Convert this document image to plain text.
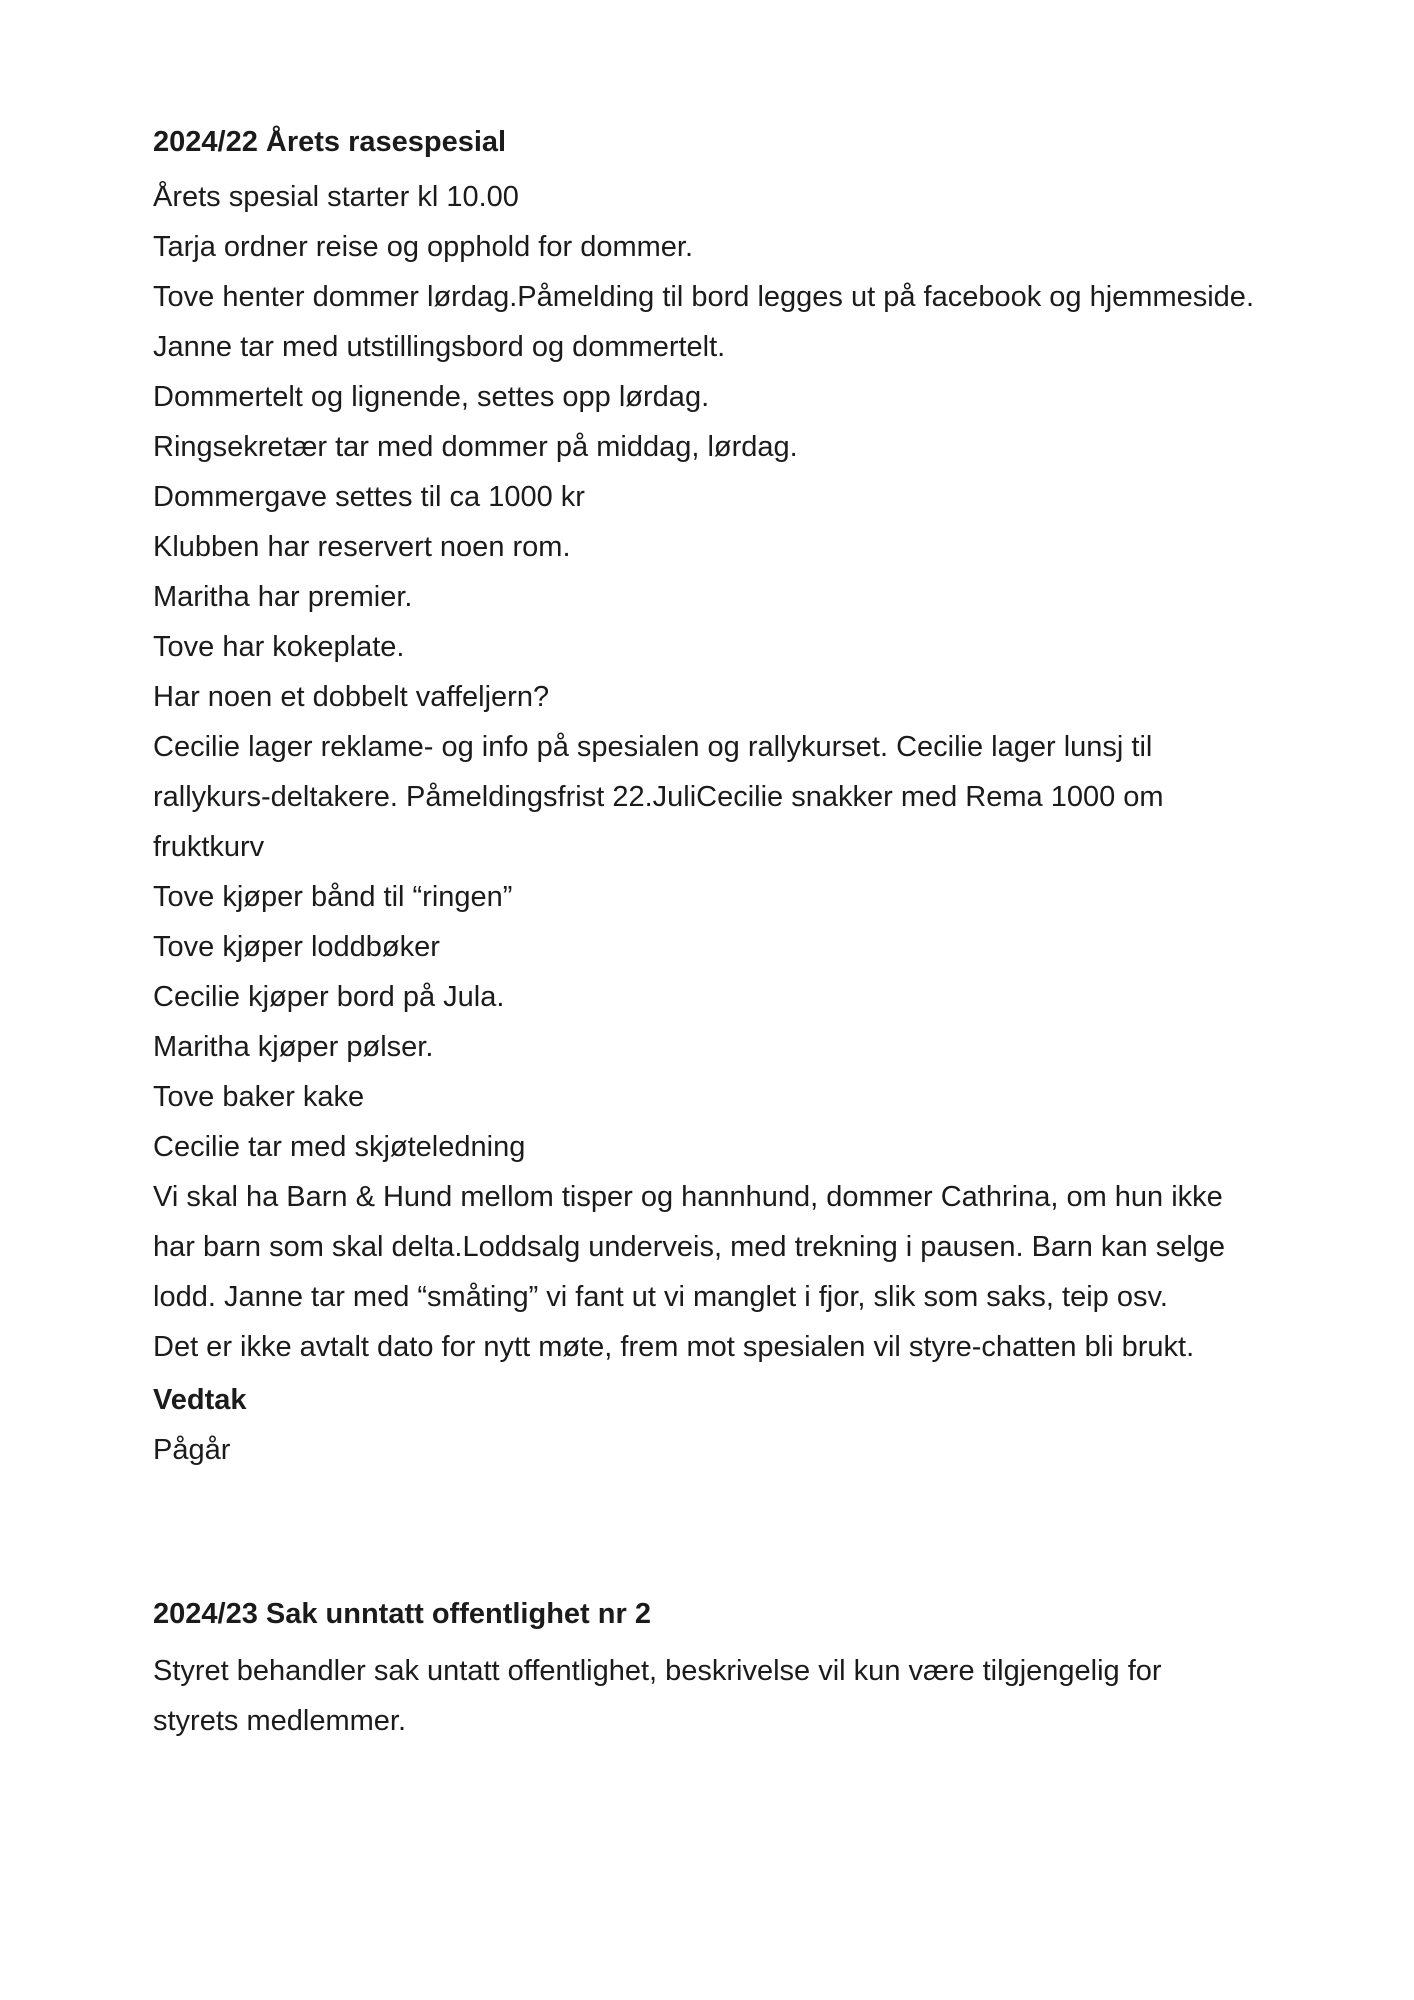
2024/22 Årets rasespesial

Årets spesial starter kl 10.00

Tarja ordner reise og opphold for dommer.

Tove henter dommer lørdag.Påmelding til bord legges ut på facebook og hjemmeside.

Janne tar med utstillingsbord og dommertelt.

Dommertelt og lignende, settes opp lørdag.

Ringsekretær tar med dommer på middag, lørdag.

Dommergave settes til ca 1000 kr

Klubben har reservert noen rom.

Maritha har premier.

Tove har kokeplate.

Har noen et dobbelt vaffeljern?

Cecilie lager reklame- og info på spesialen og rallykurset. Cecilie lager lunsj til

rallykurs-deltakere. Påmeldingsfrist 22.JuliCecilie snakker med Rema 1000 om

fruktkurv

Tove kjøper bånd til “ringen”

Tove kjøper loddbøker

Cecilie kjøper bord på Jula.

Maritha kjøper pølser.

Tove baker kake

Cecilie tar med skjøteledning

Vi skal ha Barn & Hund mellom tisper og hannhund, dommer Cathrina, om hun ikke

har barn som skal delta.Loddsalg underveis, med trekning i pausen. Barn kan selge

lodd. Janne tar med “småting” vi fant ut vi manglet i fjor, slik som saks, teip osv.

Det er ikke avtalt dato for nytt møte, frem mot spesialen vil styre-chatten bli brukt.

Vedtak
Pågår
2024/23 Sak unntatt offentlighet nr 2

Styret behandler sak untatt offentlighet, beskrivelse vil kun være tilgjengelig for

styrets medlemmer.
